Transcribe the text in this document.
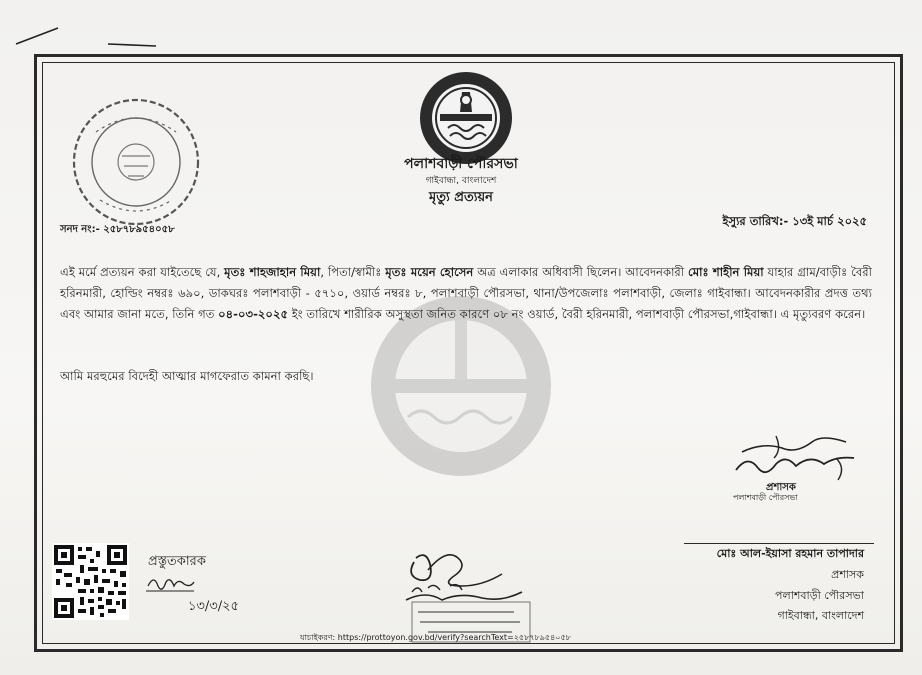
পলাশবাড়ী পৌরসভা
গাইবান্ধা, বাংলাদেশ
মৃত্যু প্রত্যয়ন
সনদ নং:- ২৫৮৭৮৯৫৪০৫৮
ইস্যুর তারিখ:- ১৩ই মার্চ ২০২৫
এই মর্মে প্রত্যয়ন করা যাইতেছে যে, মৃতঃ শাহজাহান মিয়া, পিতা/স্বামীঃ মৃতঃ ময়েন হোসেন অত্র এলাকার অধিবাসী ছিলেন। আবেদনকারী মোঃ শাহীন মিয়া যাহার গ্রাম/বাড়ীঃ বৈরী হরিনমারী, হোল্ডিং নম্বরঃ ৬৯০, ডাকঘরঃ পলাশবাড়ী - ৫৭১০, ওয়ার্ড নম্বরঃ ৮, পলাশবাড়ী পৌরসভা, থানা/উপজেলাঃ পলাশবাড়ী, জেলাঃ গাইবান্ধা। আবেদনকারীর প্রদত্ত তথ্য এবং আমার জানা মতে, তিনি গত ০৪-০৩-২০২৫ ইং তারিখে শারীরিক অসুস্থতা জনিত কারণে ০৮ নং ওয়ার্ড, বৈরী হরিনমারী, পলাশবাড়ী পৌরসভা,গাইবান্ধা। এ মৃত্যুবরণ করেন।
আমি মরহুমের বিদেহী আত্মার মাগফেরাত কামনা করছি।
প্রশাসক
পলাশবাড়ী পৌরসভা
প্রস্তুতকারক
১৩/৩/২৫
যাচাইকরণ: https://prottoyon.gov.bd/verify?searchText=২৫৮৭৮৯৫৪০৫৮
মোঃ আল-ইয়াসা রহমান তাপাদার
প্রশাসক
পলাশবাড়ী পৌরসভা
গাইবান্ধা, বাংলাদেশ
